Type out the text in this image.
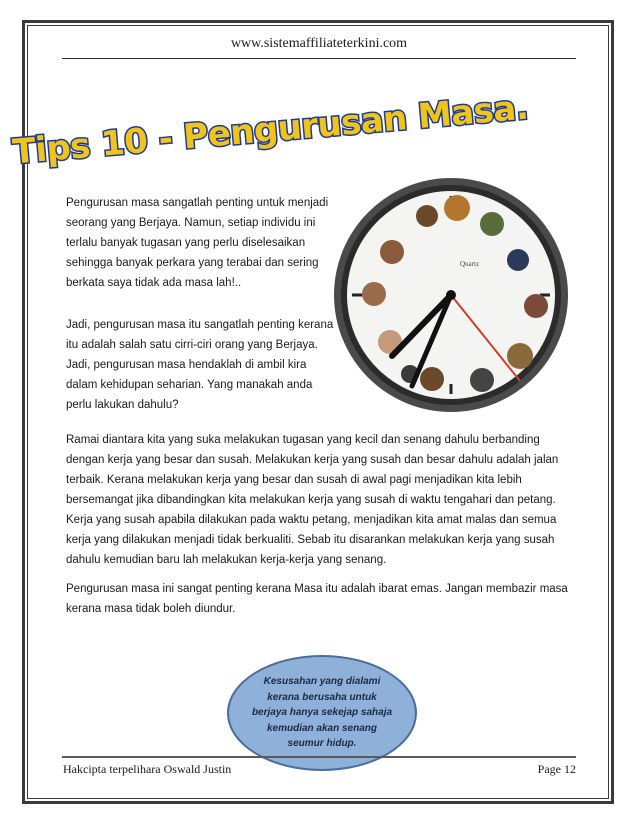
www.sistemaffiliateterkini.com
Tips 10 - Pengurusan Masa.

Pengurusan masa sangatlah penting untuk menjadi seorang yang Berjaya. Namun, setiap individu ini terlalu banyak tugasan yang perlu diselesaikan sehingga banyak perkara yang terabai dan sering berkata saya tidak ada masa lah!..

Jadi, pengurusan masa itu sangatlah penting kerana itu adalah salah satu cirri-ciri orang yang Berjaya. Jadi, pengurusan masa hendaklah di ambil kira dalam kehidupan seharian. Yang manakah anda perlu lakukan dahulu?

Quartz

Ramai diantara kita yang suka melakukan tugasan yang kecil dan senang dahulu berbanding dengan kerja yang besar dan susah. Melakukan kerja yang susah dan besar dahulu adalah jalan terbaik. Kerana melakukan kerja yang besar dan susah di awal pagi menjadikan kita lebih bersemangat jika dibandingkan kita melakukan kerja yang susah di waktu tengahari dan petang. Kerja yang susah apabila dilakukan pada waktu petang, menjadikan kita amat malas dan semua kerja yang dilakukan menjadi tidak berkualiti. Sebab itu disarankan melakukan kerja yang susah dahulu kemudian baru lah melakukan kerja-kerja yang senang.

Pengurusan masa ini sangat penting kerana Masa itu adalah ibarat emas. Jangan membazir masa kerana masa tidak boleh diundur.

Kesusahan yang dialami kerana berusaha untuk berjaya hanya sekejap sahaja kemudian akan senang seumur hidup.

Hakcipta terpelihara Oswald Justin	Page 12
